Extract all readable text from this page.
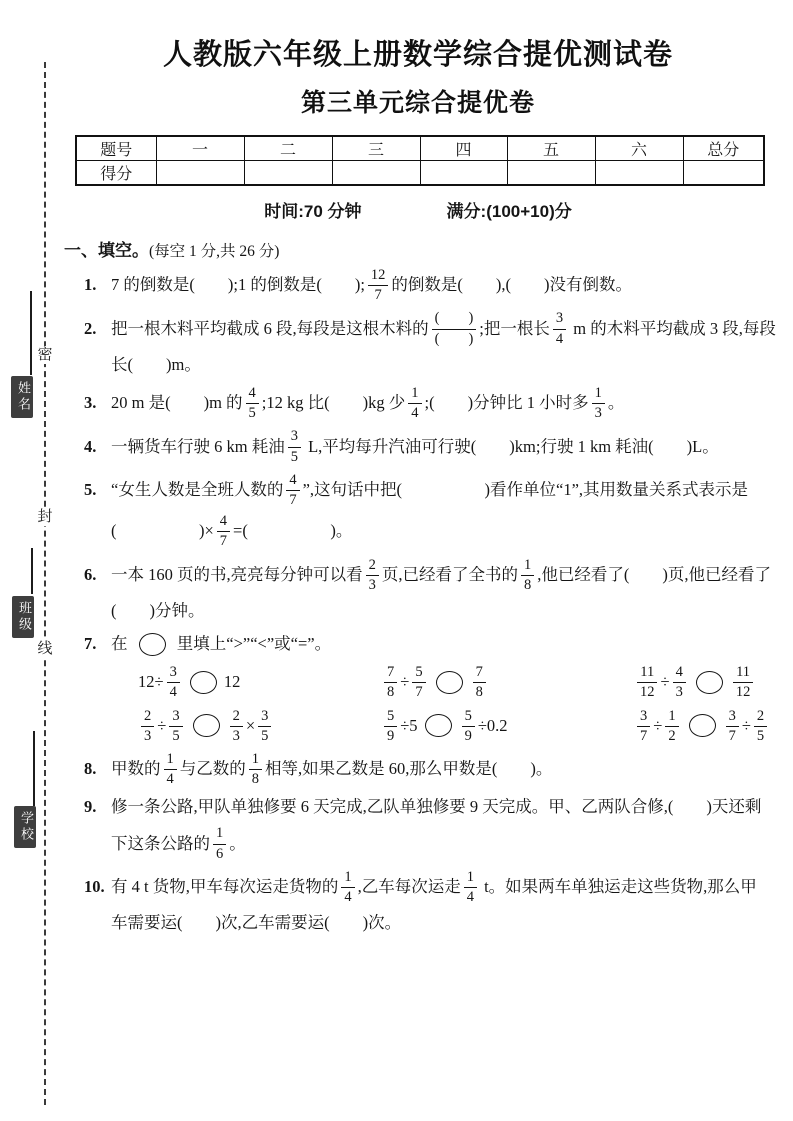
密
封
线
姓名
班级
学校
人教版六年级上册数学综合提优测试卷
第三单元综合提优卷
题号	一	二	三	四	五	六	总分
得分							
时间:70 分钟	满分:(100+10)分
一、填空。(每空 1 分,共 26 分)
1. 7 的倒数是(　　);1 的倒数是(　　); $\frac{12}{7}$ 的倒数是(　　),(　　)没有倒数。
2. 把一根木料平均截成 6 段,每段是这根木料的 $\frac{( )}{( )}$ ;把一根长 $\frac{3}{4}$ m 的木料平均截成 3 段,每段
长(　　)m。
3. 20 m 是(　　)m 的 $\frac{4}{5}$ ;12 kg 比(　　)kg 少 $\frac{1}{4}$ ;(　　)分钟比 1 小时多 $\frac{1}{3}$ 。
4. 一辆货车行驶 6 km 耗油 $\frac{3}{5} L$,平均每升汽油可行驶(　　)km;行驶 1 km 耗油(　　)L。
5. “女生人数是全班人数的 $\frac{4}{7}$ ”,这句话中把(　　　　　)看作单位“1”,其用数量关系式表示是
(　　　　　)× $\frac{4}{7}$ =(　　　　　)。
6. 一本 160 页的书,亮亮每分钟可以看 $\frac{2}{3}$ 页,已经看了全书的 $\frac{1}{8}$ ,他已经看了(　　)页,他已经看了
(　　)分钟。
7. 在 里填上“>”“<”或“=”。
$12\div \frac{3}{4}$	12	$\frac{7}{8} \div \frac{5}{7}$	$\frac{7}{8}$	$\frac{11}{12} \div \frac{4}{3}$	$\frac{11}{12}$
$\frac{2}{3} \div \frac{3}{5}$	$\frac{2}{3} \times \frac{3}{5}$	$\frac{5}{9} \div 5$	$\frac{5}{9} \div 0.2$	$\frac{3}{7} \div \frac{1}{2}$	$\frac{3}{7} \div \frac{2}{5}$
8. 甲数的 $\frac{1}{4}$ 与乙数的 $\frac{1}{8}$ 相等,如果乙数是 60,那么甲数是(　　)。
9. 修一条公路,甲队单独修要 6 天完成,乙队单独修要 9 天完成。甲、乙两队合修,(　　)天还剩
下这条公路的 $\frac{1}{6}$ 。
10. 有 4 t 货物,甲车每次运走货物的 $\frac{1}{4}$ ,乙车每次运走 $\frac{1}{4}$ t。如果两车单独运走这些货物,那么甲
车需要运(　　)次,乙车需要运(　　)次。
